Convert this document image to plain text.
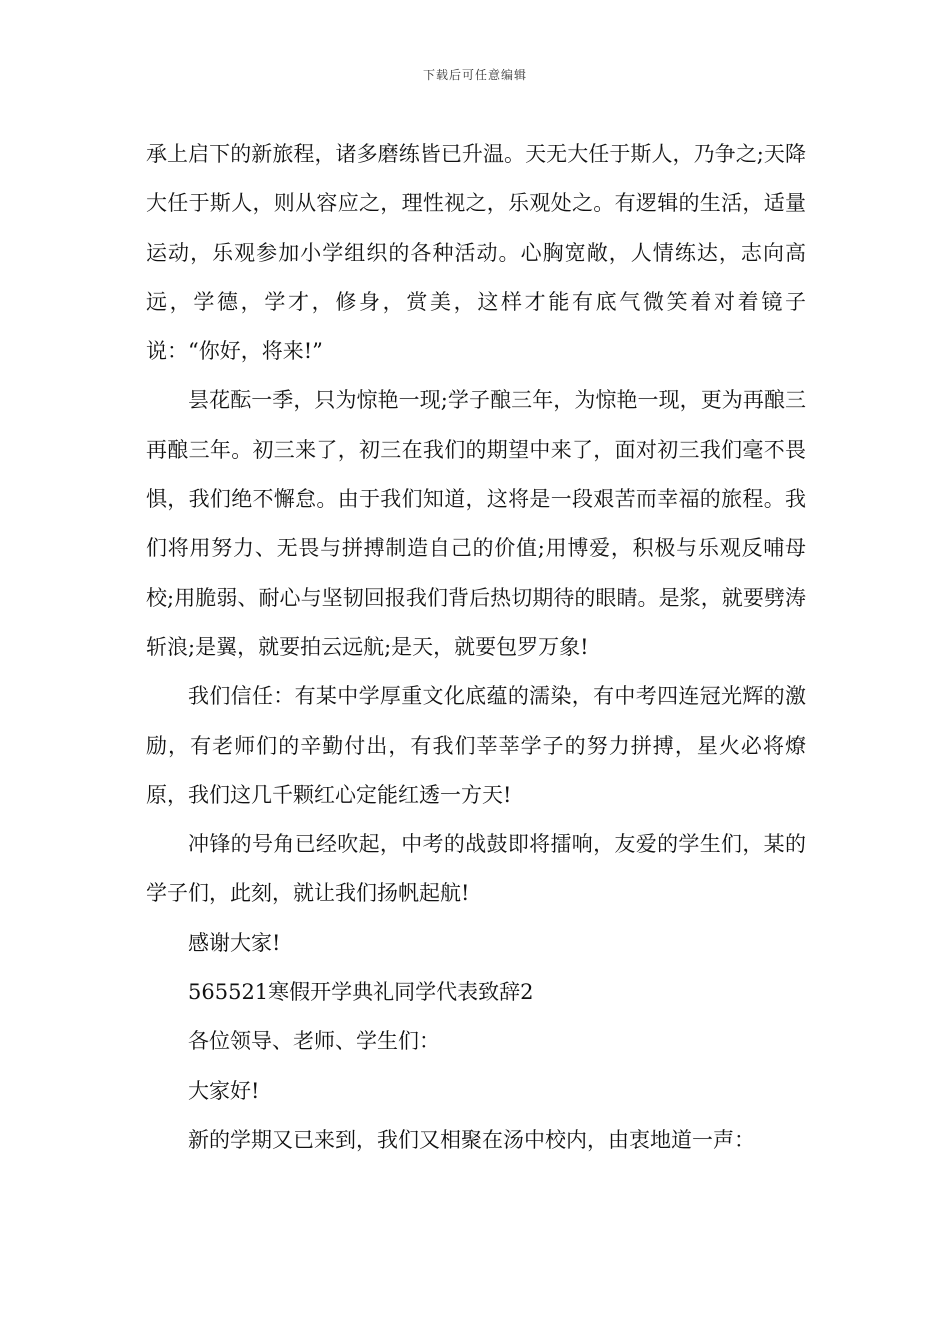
下载后可任意编辑

承上启下的新旅程，诸多磨练皆已升温。天无大任于斯人，乃争之;天降大任于斯人，则从容应之，理性视之，乐观处之。有逻辑的生活，适量运动，乐观参加小学组织的各种活动。心胸宽敞，人情练达，志向高远，学德，学才，修身，赏美，这样才能有底气微笑着对着镜子说：“你好，将来!”

昙花酝一季，只为惊艳一现;学子酿三年，为惊艳一现，更为再酿三再酿三年。初三来了，初三在我们的期望中来了，面对初三我们毫不畏惧，我们绝不懈怠。由于我们知道，这将是一段艰苦而幸福的旅程。我们将用努力、无畏与拼搏制造自己的价值;用博爱，积极与乐观反哺母校;用脆弱、耐心与坚韧回报我们背后热切期待的眼睛。是浆，就要劈涛斩浪;是翼，就要拍云远航;是天，就要包罗万象!

我们信任：有某中学厚重文化底蕴的濡染，有中考四连冠光辉的激励，有老师们的辛勤付出，有我们莘莘学子的努力拼搏，星火必将燎原，我们这几千颗红心定能红透一方天!

冲锋的号角已经吹起，中考的战鼓即将擂响，友爱的学生们，某的学子们，此刻，就让我们扬帆起航!

感谢大家!

565521寒假开学典礼同学代表致辞2

各位领导、老师、学生们：

大家好!

新的学期又已来到，我们又相聚在汤中校内，由衷地道一声：
